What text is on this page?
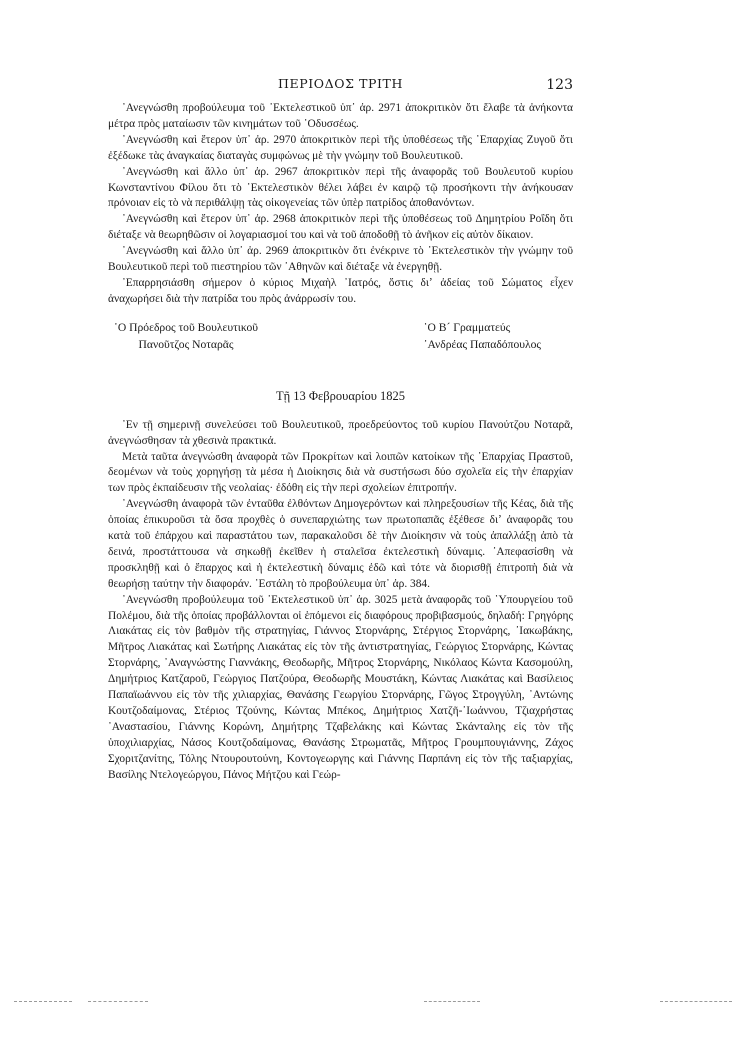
ΠΕΡΙΟΔΟΣ ΤΡΙΤΗ	123

᾿Ανεγνώσθη προβούλευμα τοῦ ᾿Εκτελεστικοῦ ὑπ᾿ ἀρ. 2971 ἀποκριτικὸν ὅτι ἔλαβε τὰ ἀνήκοντα μέτρα πρὸς ματαίωσιν τῶν κινημάτων τοῦ ᾿Οδυσσέως.

᾿Ανεγνώσθη καὶ ἕτερον ὑπ᾿ ἀρ. 2970 ἀποκριτικὸν περὶ τῆς ὑποθέσεως τῆς ᾿Επαρχίας Ζυγοῦ ὅτι ἐξέδωκε τὰς ἀναγκαίας διαταγὰς συμφώνως μὲ τὴν γνώμην τοῦ Βουλευτικοῦ.

᾿Ανεγνώσθη καὶ ἄλλο ὑπ᾿ ἀρ. 2967 ἀποκριτικὸν περὶ τῆς ἀναφορᾶς τοῦ Βουλευτοῦ κυρίου Κωνσταντίνου Φίλου ὅτι τὸ ᾿Εκτελεστικὸν θέλει λάβει ἐν καιρῷ τῷ προσήκοντι τὴν ἀνήκουσαν πρόνοιαν εἰς τὸ νὰ περιθάλψῃ τὰς οἰκογενείας τῶν ὑπὲρ πατρίδος ἀποθανόντων.

᾿Ανεγνώσθη καὶ ἕτερον ὑπ᾿ ἀρ. 2968 ἀποκριτικὸν περὶ τῆς ὑποθέσεως τοῦ Δημητρίου Ροΐδη ὅτι διέταξε νὰ θεωρηθῶσιν οἱ λογαριασμοί του καὶ νὰ τοῦ ἀποδοθῇ τὸ ἀνῆκον εἰς αὐτὸν δίκαιον.

᾿Ανεγνώσθη καὶ ἄλλο ὑπ᾿ ἀρ. 2969 ἀποκριτικὸν ὅτι ἐνέκρινε τὸ ᾿Εκτελεστικὸν τὴν γνώμην τοῦ Βουλευτικοῦ περὶ τοῦ πιεστηρίου τῶν ᾿Αθηνῶν καὶ διέταξε νὰ ἐνεργηθῇ.

᾿Επαρρησιάσθη σήμερον ὁ κύριος Μιχαὴλ ᾿Ιατρός, ὅστις διʼ ἀδείας τοῦ Σώματος εἶχεν ἀναχωρήσει διὰ τὴν πατρίδα του πρὸς ἀνάρρωσίν του.

῾Ο Πρόεδρος τοῦ Βουλευτικοῦ
Πανοῦτζος Νοταρᾶς
῾Ο Β´ Γραμματεύς
᾿Ανδρέας Παπαδόπουλος
Τῇ 13 Φεβρουαρίου 1825

᾿Εν τῇ σημερινῇ συνελεύσει τοῦ Βουλευτικοῦ, προεδρεύοντος τοῦ κυρίου Πανούτζου Νοταρᾶ, ἀνεγνώσθησαν τὰ χθεσινὰ πρακτικά.

Μετὰ ταῦτα ἀνεγνώσθη ἀναφορὰ τῶν Προκρίτων καὶ λοιπῶν κατοίκων τῆς ᾿Επαρχίας Πραστοῦ, δεομένων νὰ τοὺς χορηγήσῃ τὰ μέσα ἡ Διοίκησις διὰ νὰ συστήσωσι δύο σχολεῖα εἰς τὴν ἐπαρχίαν των πρὸς ἐκπαίδευσιν τῆς νεολαίας· ἐδόθη εἰς τὴν περὶ σχολείων ἐπιτροπήν.

᾿Ανεγνώσθη ἀναφορὰ τῶν ἐνταῦθα ἐλθόντων Δημογερόντων καὶ πληρεξουσίων τῆς Κέας, διὰ τῆς ὁποίας ἐπικυροῦσι τὰ ὅσα προχθὲς ὁ συνεπαρχιώτης των πρωτοπαπᾶς ἐξέθεσε διʼ ἀναφορᾶς του κατὰ τοῦ ἐπάρχου καὶ παραστάτου των, παρακαλοῦσι δὲ τὴν Διοίκησιν νὰ τοὺς ἀπαλλάξῃ ἀπὸ τὰ δεινά, προστάττουσα νὰ σηκωθῇ ἐκεῖθεν ἡ σταλεῖσα ἐκτελεστικὴ δύναμις. ᾿Απεφασίσθη νὰ προσκληθῇ καὶ ὁ ἔπαρχος καὶ ἡ ἐκτελεστικὴ δύναμις ἐδῶ καὶ τότε νὰ διορισθῇ ἐπιτροπὴ διὰ νὰ θεωρήσῃ ταύτην τὴν διαφοράν. ᾿Εστάλη τὸ προβούλευμα ὑπ᾿ ἀρ. 384.

᾿Ανεγνώσθη προβούλευμα τοῦ ᾿Εκτελεστικοῦ ὑπ᾿ ἀρ. 3025 μετὰ ἀναφορᾶς τοῦ ῾Υπουργείου τοῦ Πολέμου, διὰ τῆς ὁποίας προβάλλονται οἱ ἑπόμενοι εἰς διαφόρους προβιβασμούς, δηλαδή: Γρηγόρης Λιακάτας εἰς τὸν βαθμὸν τῆς στρατηγίας, Γιάννος Στορνάρης, Στέργιος Στορνάρης, ᾿Ιακωβάκης, Μῆτρος Λιακάτας καὶ Σωτήρης Λιακάτας εἰς τὸν τῆς ἀντιστρατηγίας, Γεώργιος Στορνάρης, Κώντας Στορνάρης, ᾿Αναγνώστης Γιαννάκης, Θεοδωρῆς, Μῆτρος Στορνάρης, Νικόλαος Κώντα Κασομούλη, Δημήτριος Κατζαροῦ, Γεώργιος Πατζούρα, Θεοδωρῆς Μουστάκη, Κώντας Λιακάτας καὶ Βασίλειος Παπαϊωάννου εἰς τὸν τῆς χιλιαρχίας, Θανάσης Γεωργίου Στορνάρης, Γῶγος Στρογγύλη, ᾿Αντώνης Κουτζοδαίμονας, Στέριος Τζούνης, Κώντας Μπέκος, Δημήτριος Χατζῆ-᾿Ιωάννου, Τζιαχρήστας ᾿Αναστασίου, Γιάννης Κορώνη, Δημήτρης Τζαβελάκης καὶ Κώντας Σκάνταλης εἰς τὸν τῆς ὑποχιλιαρχίας, Νάσος Κουτζοδαίμονας, Θανάσης Στρωματᾶς, Μῆτρος Γρουμπουγιάννης, Ζάχος Σχοριτζανίτης, Τόλης Ντουρουτούνη, Κοντογεωργης καὶ Γιάννης Παρπάνη εἰς τὸν τῆς ταξιαρχίας, Βασίλης Ντελογεώργου, Πάνος Μήτζου καὶ Γεώρ-
